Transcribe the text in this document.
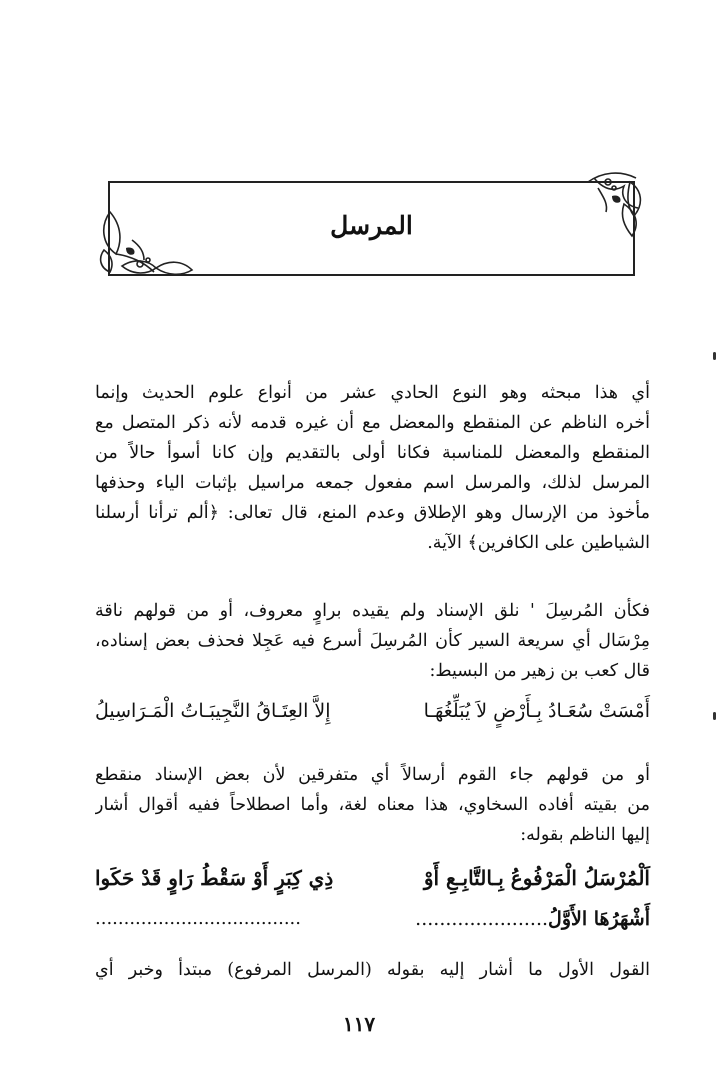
المرسل
أي هذا مبحثه وهو النوع الحادي عشر من أنواع علوم الحديث وإنما
أخره الناظم عن المنقطع والمعضل مع أن غيره قدمه لأنه ذكر المتصل مع
المنقطع والمعضل للمناسبة فكانا أولى بالتقديم وإن كانا أسوأ حالاً من
المرسل لذلك، والمرسل اسم مفعول جمعه مراسيل بإثبات الياء وحذفها
مأخوذ من الإرسال وهو الإطلاق وعدم المنع، قال تعالى: ﴿ألم ترأنا أرسلنا
الشياطين على الكافرين﴾ الآية.
فكأن المُرسِلَ ' نلق الإسناد ولم يقيده براوٍ معروف، أو من قولهم ناقة
مِرْسَال أي سريعة السير كأن المُرسِلَ أسرع فيه عَجِلا فحذف بعض إسناده،
قال كعب بن زهير من البسيط:
أَمْسَتْ سُعَـادُ بِـأَرْضٍ لاَ يُبَلِّغُهَـا
إِلاَّ العِتَـاقُ النَّجِيبَـاتُ الْمَـرَاسِيلُ
أو من قولهم جاء القوم أرسالاً أي متفرقين لأن بعض الإسناد منقطع
من بقيته أفاده السخاوي، هذا معناه لغة، وأما اصطلاحاً ففيه أقوال أشار
إليها الناظم بقوله:
اَلْمُرْسَلُ الْمَرْفُوعُ بِـالتَّابِـعِ أَوْ
ذِي كِبَرٍ أَوْ سَقْطُ رَاوٍ قَدْ حَكَوا
أَشْهَرُهَا الأَوَّلُ......................
....................................
القول الأول ما أشار إليه بقوله (المرسل المرفوع) مبتدأ وخبر أي
١١٧
